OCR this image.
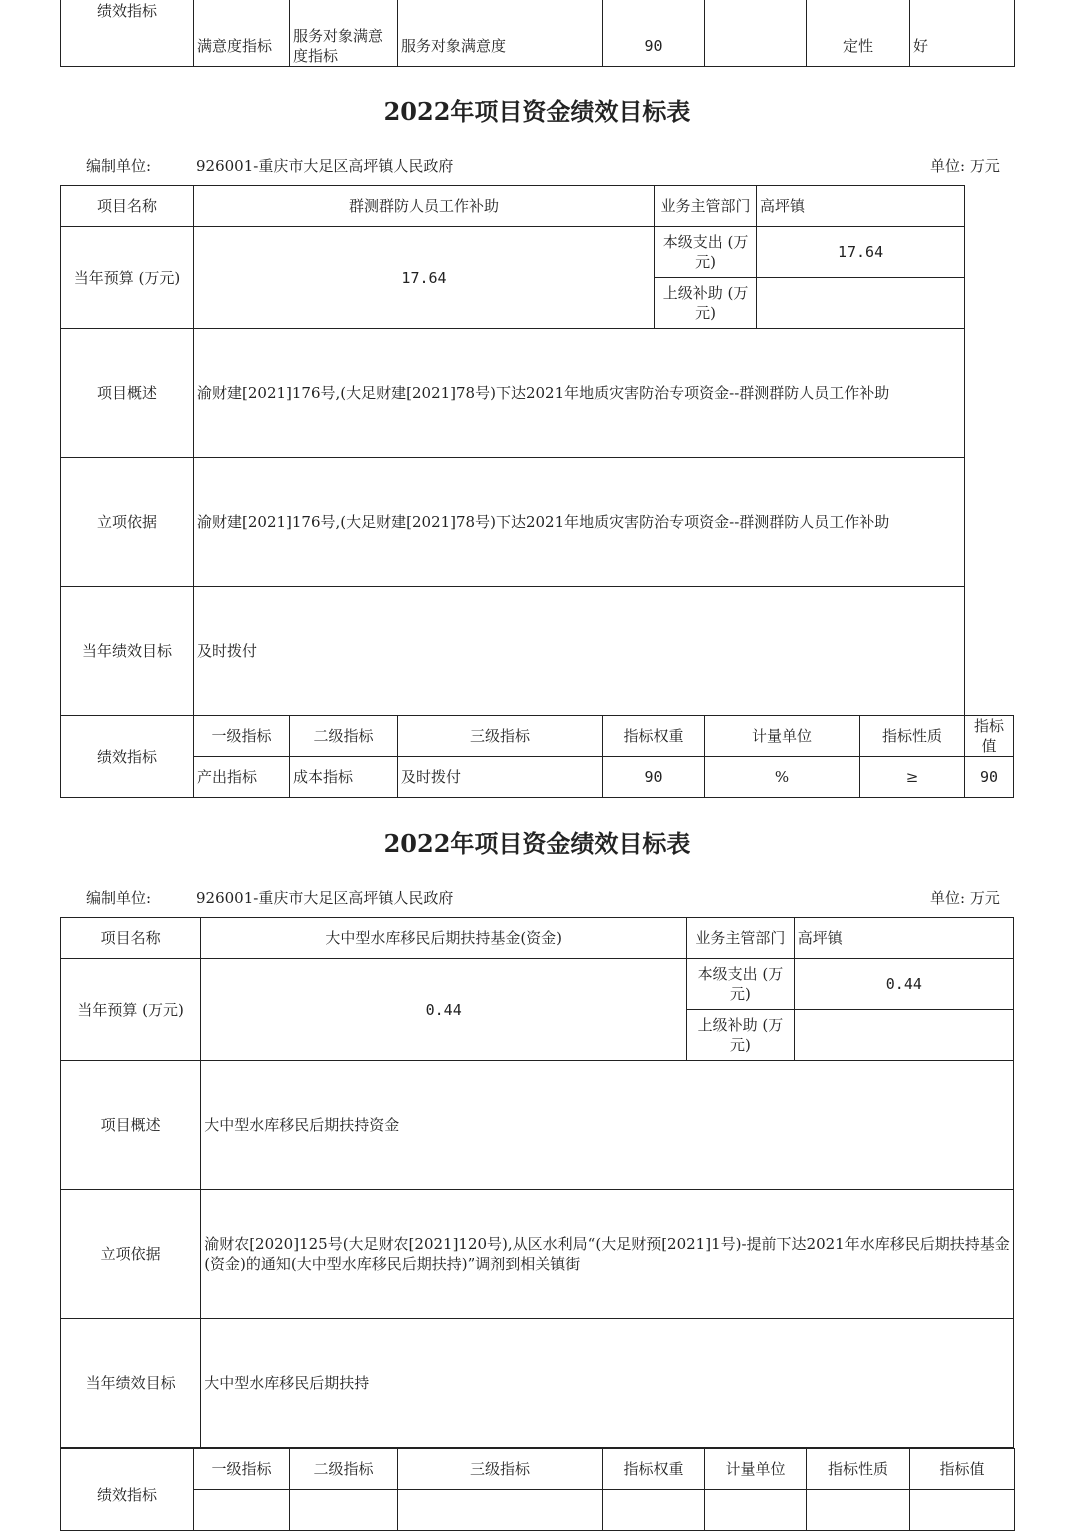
绩效指标	满意度指标	服务对象满意度指标	服务对象满意度	90		定性	好
2022年项目资金绩效目标表
编制单位:	926001-重庆市大足区高坪镇人民政府	单位: 万元
项目名称	群测群防人员工作补助				业务主管部门		高坪镇		
当年预算 (万元)	17.64				本级支出 (万元)		17.64		
					上级补助 (万元)				
项目概述	渝财建[2021]176号,(大足财建[2021]78号)下达2021年地质灾害防治专项资金--群测群防人员工作补助								
立项依据	渝财建[2021]176号,(大足财建[2021]78号)下达2021年地质灾害防治专项资金--群测群防人员工作补助								
当年绩效目标	及时拨付								
绩效指标	一级指标	二级指标	三级指标	指标权重		计量单位		指标性质	指标值
	产出指标	成本指标	及时拨付	90		%		≥	90
2022年项目资金绩效目标表
编制单位:	926001-重庆市大足区高坪镇人民政府	单位: 万元
项目名称	大中型水库移民后期扶持基金(资金)	业务主管部门	高坪镇
当年预算 (万元)	0.44	本级支出 (万元)	0.44
		上级补助 (万元)	
项目概述	大中型水库移民后期扶持资金		
立项依据	渝财农[2020]125号(大足财农[2021]120号),从区水利局“(大足财预[2021]1号)-提前下达2021年水库移民后期扶持基金(资金)的通知(大中型水库移民后期扶持)”调剂到相关镇街		
当年绩效目标	大中型水库移民后期扶持		
绩效指标	一级指标	二级指标	三级指标	指标权重	计量单位	指标性质	指标值
